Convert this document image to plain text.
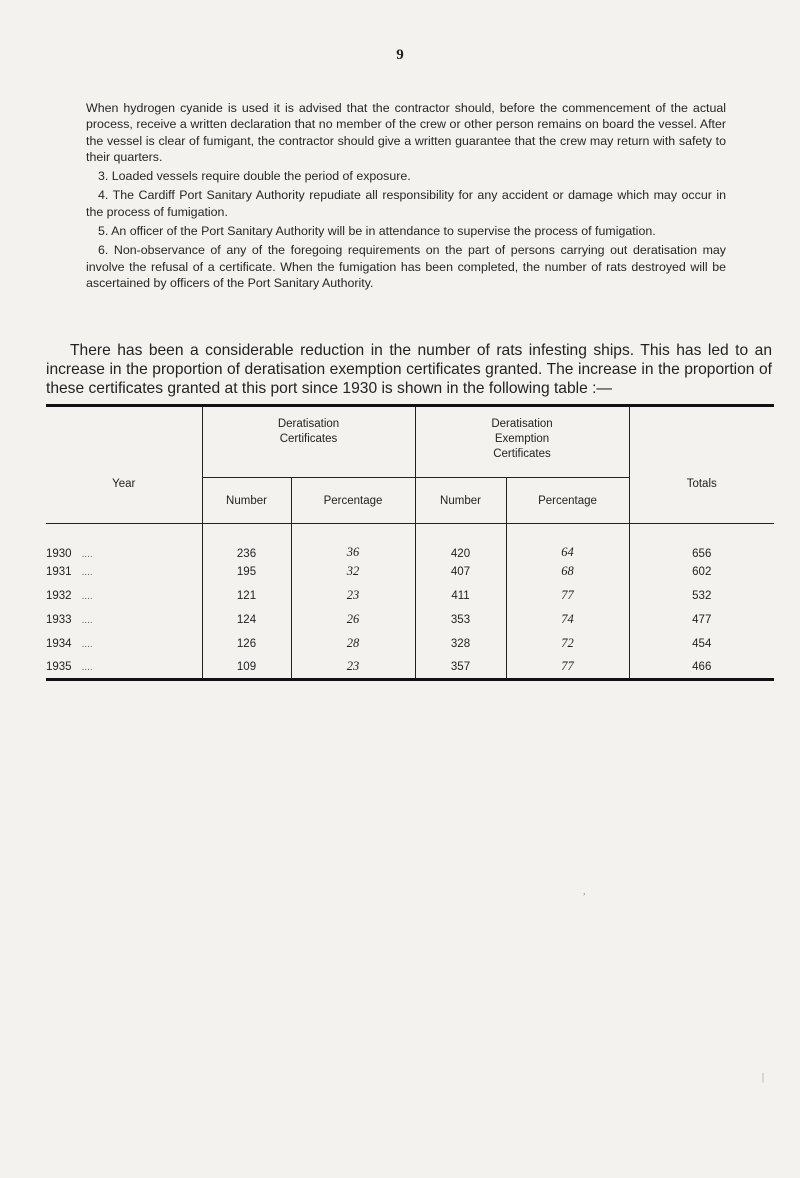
9

When hydrogen cyanide is used it is advised that the contractor should, before the commencement of the actual process, receive a written declaration that no member of the crew or other person remains on board the vessel. After the vessel is clear of fumigant, the contractor should give a written guarantee that the crew may return with safety to their quarters.

3. Loaded vessels require double the period of exposure.

4. The Cardiff Port Sanitary Authority repudiate all responsibility for any accident or damage which may occur in the process of fumigation.

5. An officer of the Port Sanitary Authority will be in attendance to supervise the process of fumigation.

6. Non-observance of any of the foregoing requirements on the part of persons carrying out deratisation may involve the refusal of a certificate. When the fumigation has been completed, the number of rats destroyed will be ascertained by officers of the Port Sanitary Authority.

There has been a considerable reduction in the number of rats infesting ships. This has led to an increase in the proportion of deratisation exemption certificates granted. The increase in the proportion of these certificates granted at this port since 1930 is shown in the following table :—

Year	Deratisation Certificates		Deratisation Exemption Certificates		Totals
	Number	Percentage	Number	Percentage	
1930 ....	236	36	420	64	656
1931 ....	195	32	407	68	602
1932 ....	121	23	411	77	532
1933 ....	124	26	353	74	477
1934 ....	126	28	328	72	454
1935 ....	109	23	357	77	466
,
|
